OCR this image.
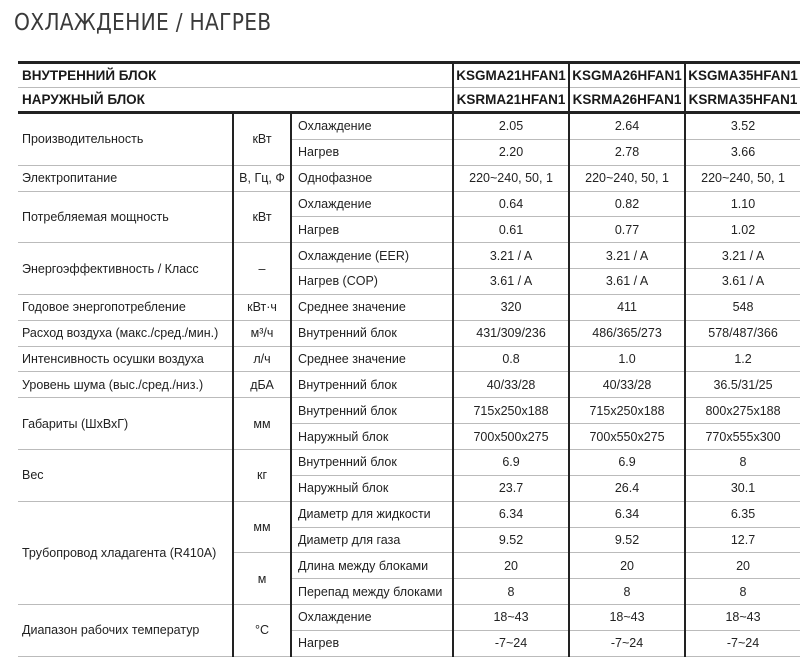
ОХЛАЖДЕНИЕ / НАГРЕВ
ВНУТРЕННИЙ БЛОК			KSGMA21HFAN1	KSGMA26HFAN1	KSGMA35HFAN1
НАРУЖНЫЙ БЛОК			KSRMA21HFAN1	KSRMA26HFAN1	KSRMA35HFAN1
Производительность	кВт	Охлаждение	2.05	2.64	3.52
		Нагрев	2.20	2.78	3.66
Электропитание	В, Гц, Ф	Однофазное	220~240, 50, 1	220~240, 50, 1	220~240, 50, 1
Потребляемая мощность	кВт	Охлаждение	0.64	0.82	1.10
		Нагрев	0.61	0.77	1.02
Энергоэффективность / Класс	–	Охлаждение (EER)	3.21 / A	3.21 / A	3.21 / A
		Нагрев (COP)	3.61 / A	3.61 / A	3.61 / A
Годовое энергопотребление	кВт·ч	Среднее значение	320	411	548
Расход воздуха (макс./сред./мин.)	м³/ч	Внутренний блок	431/309/236	486/365/273	578/487/366
Интенсивность осушки воздуха	л/ч	Среднее значение	0.8	1.0	1.2
Уровень шума (выс./сред./низ.)	дБА	Внутренний блок	40/33/28	40/33/28	36.5/31/25
Габариты (ШхВхГ)	мм	Внутренний блок	715x250x188	715x250x188	800x275x188
		Наружный блок	700x500x275	700x550x275	770x555x300
Вес	кг	Внутренний блок	6.9	6.9	8
		Наружный блок	23.7	26.4	30.1
Трубопровод хладагента (R410A)	мм	Диаметр для жидкости	6.34	6.34	6.35
		Диаметр для газа	9.52	9.52	12.7
	м	Длина между блоками	20	20	20
		Перепад между блоками	8	8	8
Диапазон рабочих температур	°C	Охлаждение	18~43	18~43	18~43
		Нагрев	-7~24	-7~24	-7~24
